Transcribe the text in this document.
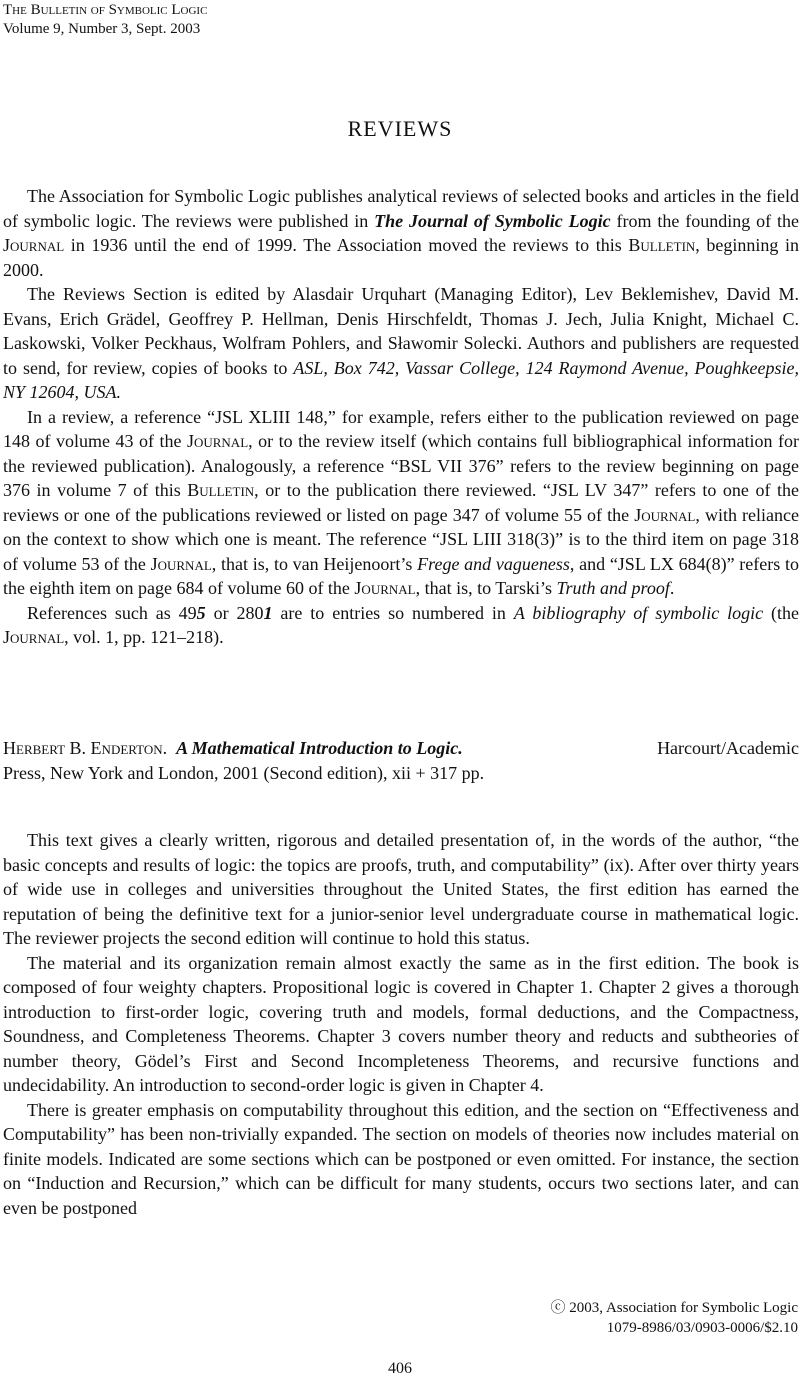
The Bulletin of Symbolic Logic
Volume 9, Number 3, Sept. 2003
REVIEWS

The Association for Symbolic Logic publishes analytical reviews of selected books and articles in the field of symbolic logic. The reviews were published in The Journal of Symbolic Logic from the founding of the Journal in 1936 until the end of 1999. The Association moved the reviews to this Bulletin, beginning in 2000.

The Reviews Section is edited by Alasdair Urquhart (Managing Editor), Lev Beklemishev, David M. Evans, Erich Grädel, Geoffrey P. Hellman, Denis Hirschfeldt, Thomas J. Jech, Julia Knight, Michael C. Laskowski, Volker Peckhaus, Wolfram Pohlers, and Sławomir Solecki. Authors and publishers are requested to send, for review, copies of books to ASL, Box 742, Vassar College, 124 Raymond Avenue, Poughkeepsie, NY 12604, USA.

In a review, a reference “JSL XLIII 148,” for example, refers either to the publication reviewed on page 148 of volume 43 of the Journal, or to the review itself (which contains full bibliographical information for the reviewed publication). Analogously, a reference “BSL VII 376” refers to the review beginning on page 376 in volume 7 of this Bulletin, or to the publication there reviewed. “JSL LV 347” refers to one of the reviews or one of the publications reviewed or listed on page 347 of volume 55 of the Journal, with reliance on the context to show which one is meant. The reference “JSL LIII 318(3)” is to the third item on page 318 of volume 53 of the Journal, that is, to van Heijenoort’s Frege and vagueness, and “JSL LX 684(8)” refers to the eighth item on page 684 of volume 60 of the Journal, that is, to Tarski’s Truth and proof.

References such as 495 or 2801 are to entries so numbered in A bibliography of symbolic logic (the Journal, vol. 1, pp. 121–218).

Herbert B. Enderton. A Mathematical Introduction to Logic.	Harcourt/Academic
Press, New York and London, 2001 (Second edition), xii + 317 pp.

This text gives a clearly written, rigorous and detailed presentation of, in the words of the author, “the basic concepts and results of logic: the topics are proofs, truth, and computability” (ix). After over thirty years of wide use in colleges and universities throughout the United States, the first edition has earned the reputation of being the definitive text for a junior-senior level undergraduate course in mathematical logic. The reviewer projects the second edition will continue to hold this status.

The material and its organization remain almost exactly the same as in the first edition. The book is composed of four weighty chapters. Propositional logic is covered in Chapter 1. Chapter 2 gives a thorough introduction to first-order logic, covering truth and models, formal deductions, and the Compactness, Soundness, and Completeness Theorems. Chapter 3 covers number theory and reducts and subtheories of number theory, Gödel’s First and Second Incompleteness Theorems, and recursive functions and undecidability. An introduction to second-order logic is given in Chapter 4.

There is greater emphasis on computability throughout this edition, and the section on “Effectiveness and Computability” has been non-trivially expanded. The section on models of theories now includes material on finite models. Indicated are some sections which can be postponed or even omitted. For instance, the section on “Induction and Recursion,” which can be difficult for many students, occurs two sections later, and can even be postponed

ⓒ 2003, Association for Symbolic Logic
1079-8986/03/0903-0006/$2.10
406
